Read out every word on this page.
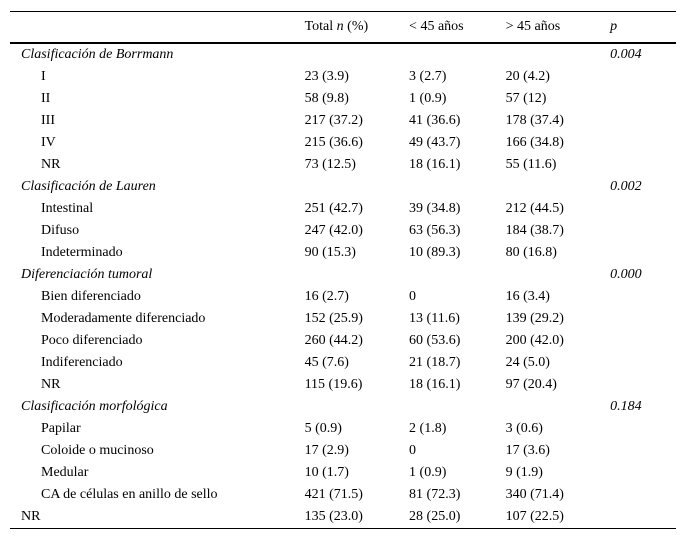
	Total n (%)	< 45 años	> 45 años	p
Clasificación de Borrmann				0.004
I	23 (3.9)	3 (2.7)	20 (4.2)	
II	58 (9.8)	1 (0.9)	57 (12)	
III	217 (37.2)	41 (36.6)	178 (37.4)	
IV	215 (36.6)	49 (43.7)	166 (34.8)	
NR	73 (12.5)	18 (16.1)	55 (11.6)	
Clasificación de Lauren				0.002
Intestinal	251 (42.7)	39 (34.8)	212 (44.5)	
Difuso	247 (42.0)	63 (56.3)	184 (38.7)	
Indeterminado	90 (15.3)	10 (89.3)	80 (16.8)	
Diferenciación tumoral				0.000
Bien diferenciado	16 (2.7)	0	16 (3.4)	
Moderadamente diferenciado	152 (25.9)	13 (11.6)	139 (29.2)	
Poco diferenciado	260 (44.2)	60 (53.6)	200 (42.0)	
Indiferenciado	45 (7.6)	21 (18.7)	24 (5.0)	
NR	115 (19.6)	18 (16.1)	97 (20.4)	
Clasificación morfológica				0.184
Papilar	5 (0.9)	2 (1.8)	3 (0.6)	
Coloide o mucinoso	17 (2.9)	0	17 (3.6)	
Medular	10 (1.7)	1 (0.9)	9 (1.9)	
CA de células en anillo de sello	421 (71.5)	81 (72.3)	340 (71.4)	
NR	135 (23.0)	28 (25.0)	107 (22.5)	
